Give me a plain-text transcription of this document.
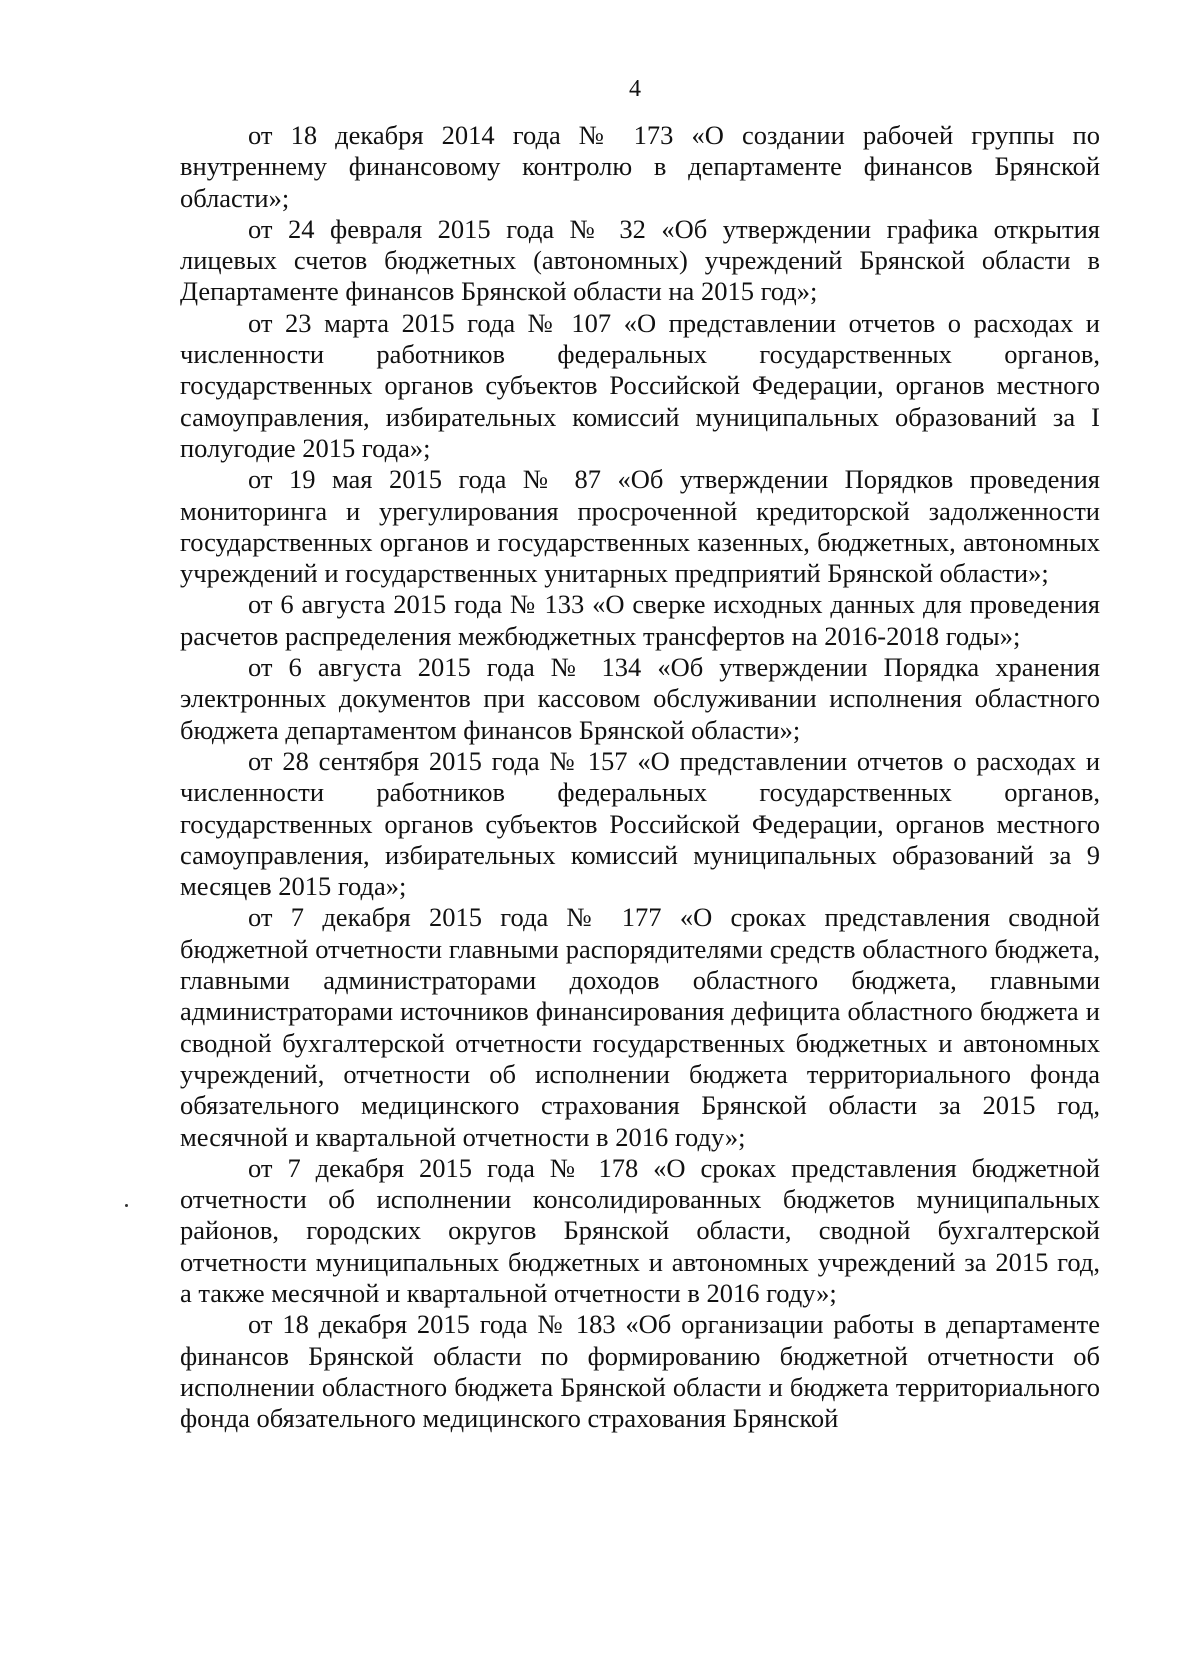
4

от 18 декабря 2014 года № 173 «О создании рабочей группы по внутреннему финансовому контролю в департаменте финансов Брянской области»;

от 24 февраля 2015 года № 32 «Об утверждении графика открытия лицевых счетов бюджетных (автономных) учреждений Брянской области в Департаменте финансов Брянской области на 2015 год»;

от 23 марта 2015 года № 107 «О представлении отчетов о расходах и численности работников федеральных государственных органов, государственных органов субъектов Российской Федерации, органов местного самоуправления, избирательных комиссий муниципальных образований за I полугодие 2015 года»;

от 19 мая 2015 года № 87 «Об утверждении Порядков проведения мониторинга и урегулирования просроченной кредиторской задолженности государственных органов и государственных казенных, бюджетных, автономных учреждений и государственных унитарных предприятий Брянской области»;

от 6 августа 2015 года № 133 «О сверке исходных данных для проведения расчетов распределения межбюджетных трансфертов на 2016-2018 годы»;

от 6 августа 2015 года № 134 «Об утверждении Порядка хранения электронных документов при кассовом обслуживании исполнения областного бюджета департаментом финансов Брянской области»;

от 28 сентября 2015 года № 157 «О представлении отчетов о расходах и численности работников федеральных государственных органов, государственных органов субъектов Российской Федерации, органов местного самоуправления, избирательных комиссий муниципальных образований за 9 месяцев 2015 года»;

от 7 декабря 2015 года № 177 «О сроках представления сводной бюджетной отчетности главными распорядителями средств областного бюджета, главными администраторами доходов областного бюджета, главными администраторами источников финансирования дефицита областного бюджета и сводной бухгалтерской отчетности государственных бюджетных и автономных учреждений, отчетности об исполнении бюджета территориального фонда обязательного медицинского страхования Брянской области за 2015 год, месячной и квартальной отчетности в 2016 году»;

от 7 декабря 2015 года № 178 «О сроках представления бюджетной отчетности об исполнении консолидированных бюджетов муниципальных районов, городских округов Брянской области, сводной бухгалтерской отчетности муниципальных бюджетных и автономных учреждений за 2015 год, а также месячной и квартальной отчетности в 2016 году»;

от 18 декабря 2015 года № 183 «Об организации работы в департаменте финансов Брянской области по формированию бюджетной отчетности об исполнении областного бюджета Брянской области и бюджета территориального фонда обязательного медицинского страхования Брянской
